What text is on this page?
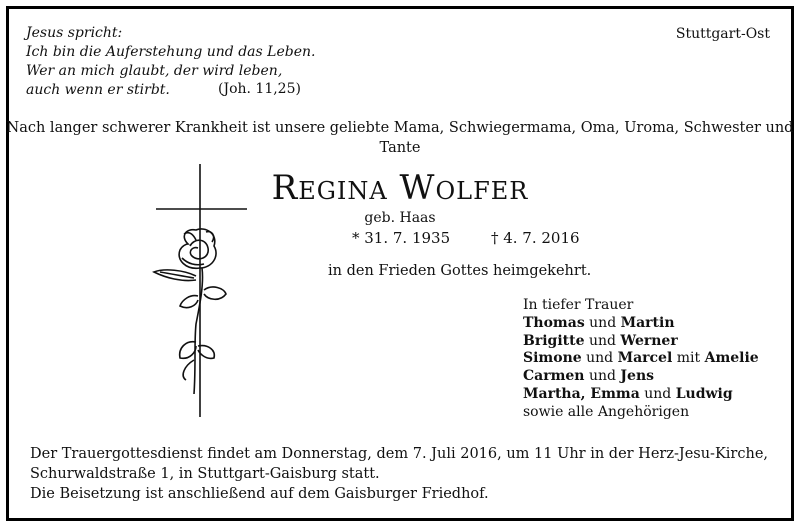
Jesus spricht:
Ich bin die Auferstehung und das Leben.
Wer an mich glaubt, der wird leben,
auch wenn er stirbt.	(Joh. 11,25)
Stuttgart-Ost
Nach langer schwerer Krankheit ist unsere geliebte Mama, Schwiegermama, Oma, Uroma, Schwester und Tante
Regina Wolfer
geb. Haas
* 31. 7. 1935	† 4. 7. 2016
in den Frieden Gottes heimgekehrt.
In tiefer Trauer
Thomas und Martin
Brigitte und Werner
Simone und Marcel mit Amelie
Carmen und Jens
Martha, Emma und Ludwig
sowie alle Angehörigen
Der Trauergottesdienst findet am Donnerstag, dem 7. Juli 2016, um 11 Uhr in der Herz-Jesu-Kirche,
Schurwaldstraße 1, in Stuttgart-Gaisburg statt.
Die Beisetzung ist anschließend auf dem Gaisburger Friedhof.
